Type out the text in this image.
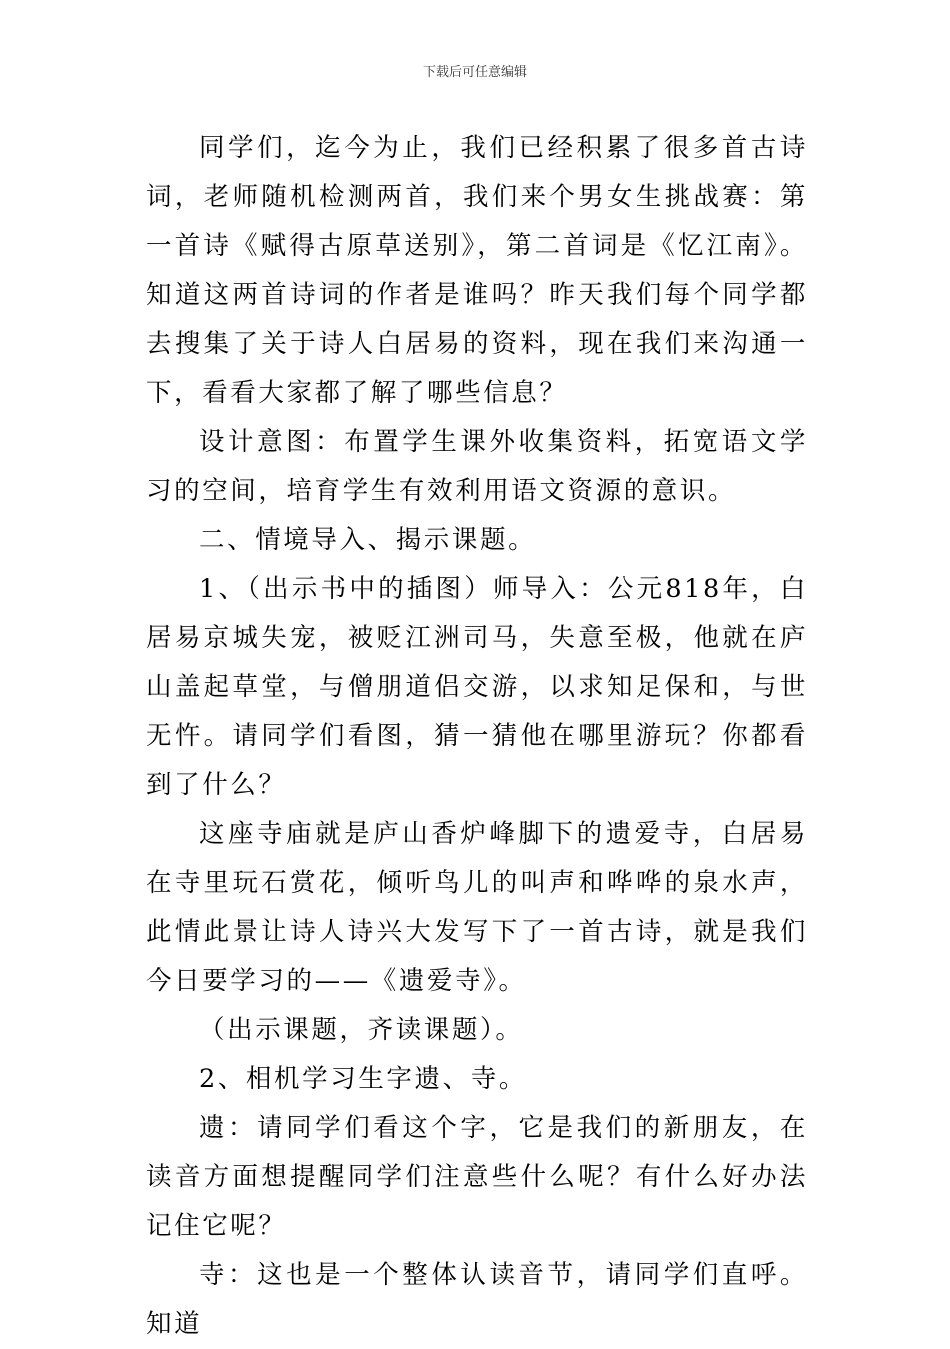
下载后可任意编辑

同学们，迄今为止，我们已经积累了很多首古诗词，老师随机检测两首，我们来个男女生挑战赛：第一首诗《赋得古原草送别》，第二首词是《忆江南》。知道这两首诗词的作者是谁吗？昨天我们每个同学都去搜集了关于诗人白居易的资料，现在我们来沟通一下，看看大家都了解了哪些信息？

设计意图：布置学生课外收集资料，拓宽语文学习的空间，培育学生有效利用语文资源的意识。

二、情境导入、揭示课题。

1、（出示书中的插图）师导入：公元818年，白居易京城失宠，被贬江洲司马，失意至极，他就在庐山盖起草堂，与僧朋道侣交游，以求知足保和，与世无忤。请同学们看图，猜一猜他在哪里游玩？你都看到了什么？

这座寺庙就是庐山香炉峰脚下的遗爱寺，白居易在寺里玩石赏花，倾听鸟儿的叫声和哗哗的泉水声，此情此景让诗人诗兴大发写下了一首古诗，就是我们今日要学习的——《遗爱寺》。

（出示课题，齐读课题）。

2、相机学习生字遗、寺。

遗：请同学们看这个字，它是我们的新朋友，在读音方面想提醒同学们注意些什么呢？有什么好办法记住它呢？

寺：这也是一个整体认读音节，请同学们直呼。知道
